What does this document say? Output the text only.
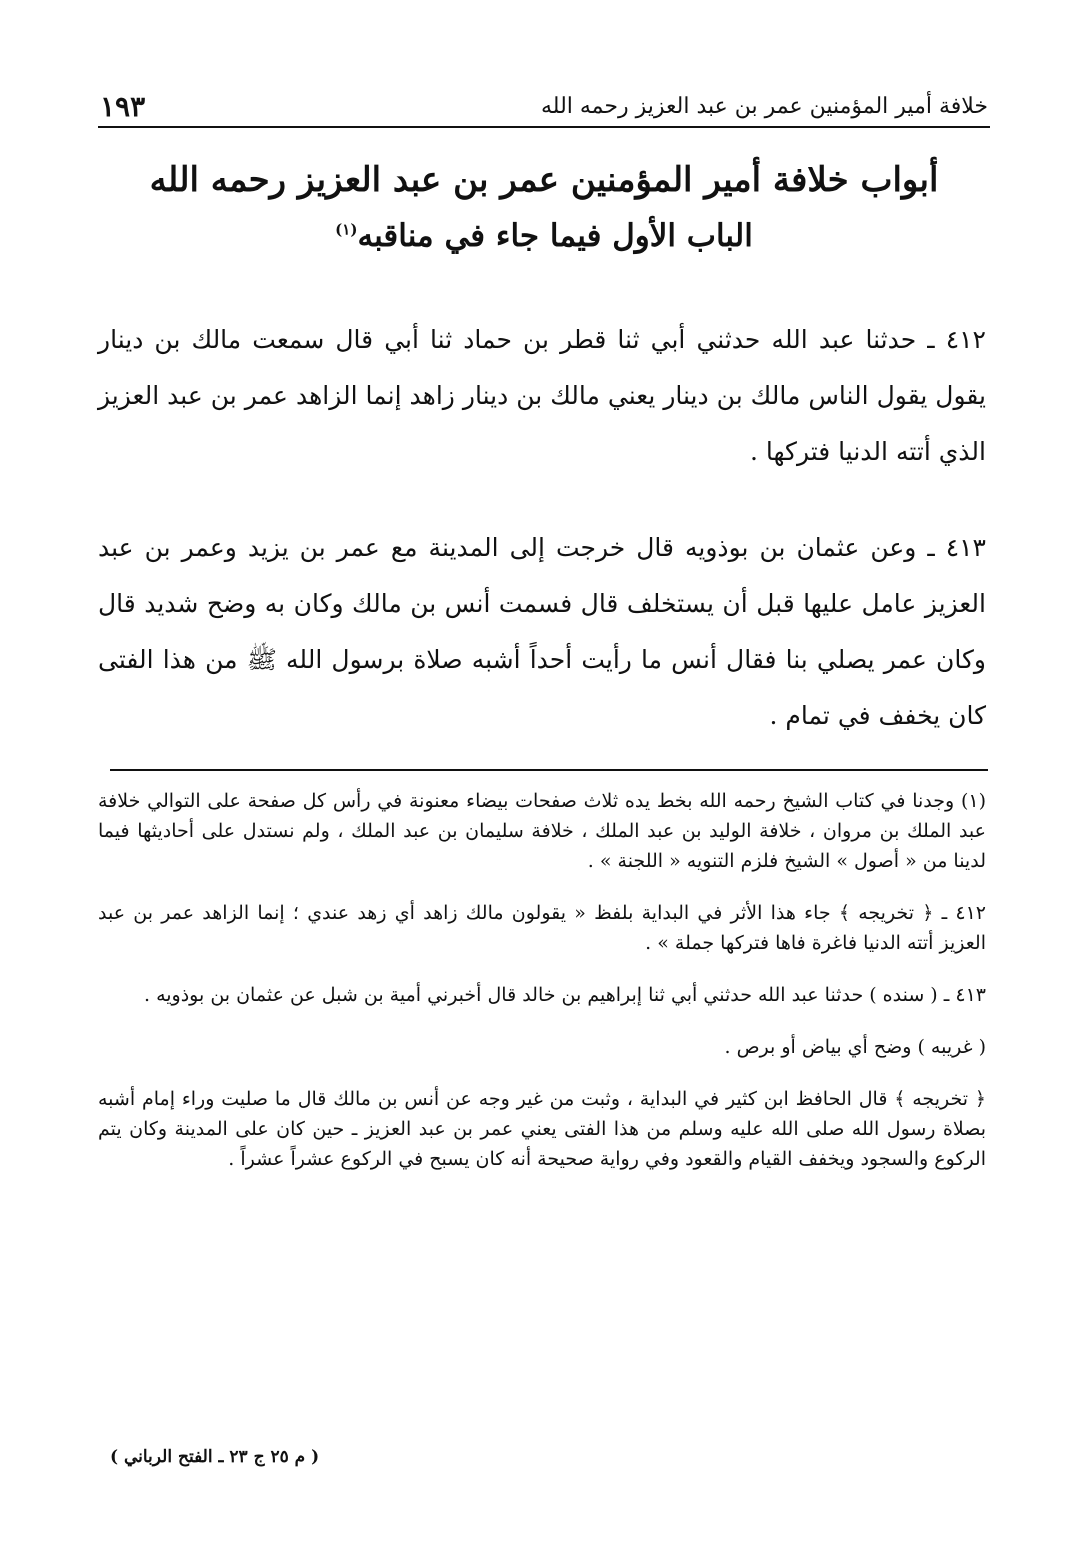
خلافة أمير المؤمنين عمر بن عبد العزيز رحمه الله
١٩٣
أبواب خلافة أمير المؤمنين عمر بن عبد العزيز رحمه الله
الباب الأول فيما جاء في مناقبه$^{(١)}$

٤١٢ ـ حدثنا عبد الله حدثني أبي ثنا قطر بن حماد ثنا أبي قال سمعت مالك بن دينار يقول يقول الناس مالك بن دينار يعني مالك بن دينار زاهد إنما الزاهد عمر بن عبد العزيز الذي أتته الدنيا فتركها .

٤١٣ ـ وعن عثمان بن بوذويه قال خرجت إلى المدينة مع عمر بن يزيد وعمر بن عبد العزيز عامل عليها قبل أن يستخلف قال فسمت أنس بن مالك وكان به وضح شديد قال وكان عمر يصلي بنا فقال أنس ما رأيت أحداً أشبه صلاة برسول الله ﷺ من هذا الفتى كان يخفف في تمام .

(١) وجدنا في كتاب الشيخ رحمه الله بخط يده ثلاث صفحات بيضاء معنونة في رأس كل صفحة على التوالي خلافة عبد الملك بن مروان ، خلافة الوليد بن عبد الملك ، خلافة سليمان بن عبد الملك ، ولم نستدل على أحاديثها فيما لدينا من « أصول » الشيخ فلزم التنويه « اللجنة » .

٤١٢ ـ ﴿ تخريجه ﴾ جاء هذا الأثر في البداية بلفظ « يقولون مالك زاهد أي زهد عندي ؛ إنما الزاهد عمر بن عبد العزيز أتته الدنيا فاغرة فاها فتركها جملة » .

٤١٣ ـ ( سنده ) حدثنا عبد الله حدثني أبي ثنا إبراهيم بن خالد قال أخبرني أمية بن شبل عن عثمان بن بوذويه .

( غريبه ) وضح أي بياض أو برص .

﴿ تخريجه ﴾ قال الحافظ ابن كثير في البداية ، وثبت من غير وجه عن أنس بن مالك قال ما صليت وراء إمام أشبه بصلاة رسول الله صلى الله عليه وسلم من هذا الفتى يعني عمر بن عبد العزيز ـ حين كان على المدينة وكان يتم الركوع والسجود ويخفف القيام والقعود وفي رواية صحيحة أنه كان يسبح في الركوع عشراً عشراً .

( م ٢٥ ج ٢٣ ـ الفتح الرباني )
